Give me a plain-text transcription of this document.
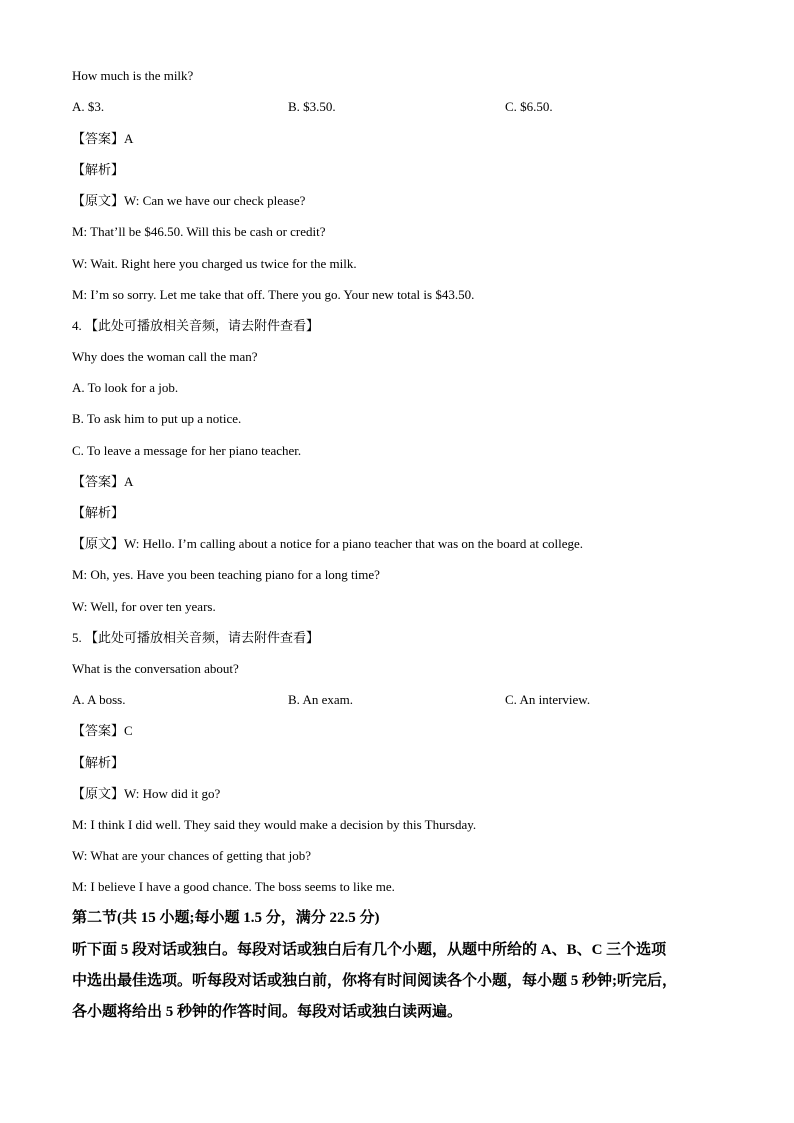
How much is the milk?
A. $3.	B. $3.50.	C. $6.50.
【答案】A
【解析】
【原文】W: Can we have our check please?
M: That’ll be $46.50. Will this be cash or credit?
W: Wait. Right here you charged us twice for the milk.
M: I’m so sorry. Let me take that off. There you go. Your new total is $43.50.
4. 【此处可播放相关音频，请去附件查看】
Why does the woman call the man?
A. To look for a job.
B. To ask him to put up a notice.
C. To leave a message for her piano teacher.
【答案】A
【解析】
【原文】W: Hello. I’m calling about a notice for a piano teacher that was on the board at college.
M: Oh, yes. Have you been teaching piano for a long time?
W: Well, for over ten years.
5. 【此处可播放相关音频，请去附件查看】
What is the conversation about?
A. A boss.	B. An exam.	C. An interview.
【答案】C
【解析】
【原文】W: How did it go?
M: I think I did well. They said they would make a decision by this Thursday.
W: What are your chances of getting that job?
M: I believe I have a good chance. The boss seems to like me.
第二节(共 15 小题;每小题 1.5 分，满分 22.5 分)
听下面 5 段对话或独白。每段对话或独白后有几个小题，从题中所给的 A、B、C 三个选项
中选出最佳选项。听每段对话或独白前，你将有时间阅读各个小题，每小题 5 秒钟;听完后，
各小题将给出 5 秒钟的作答时间。每段对话或独白读两遍。
